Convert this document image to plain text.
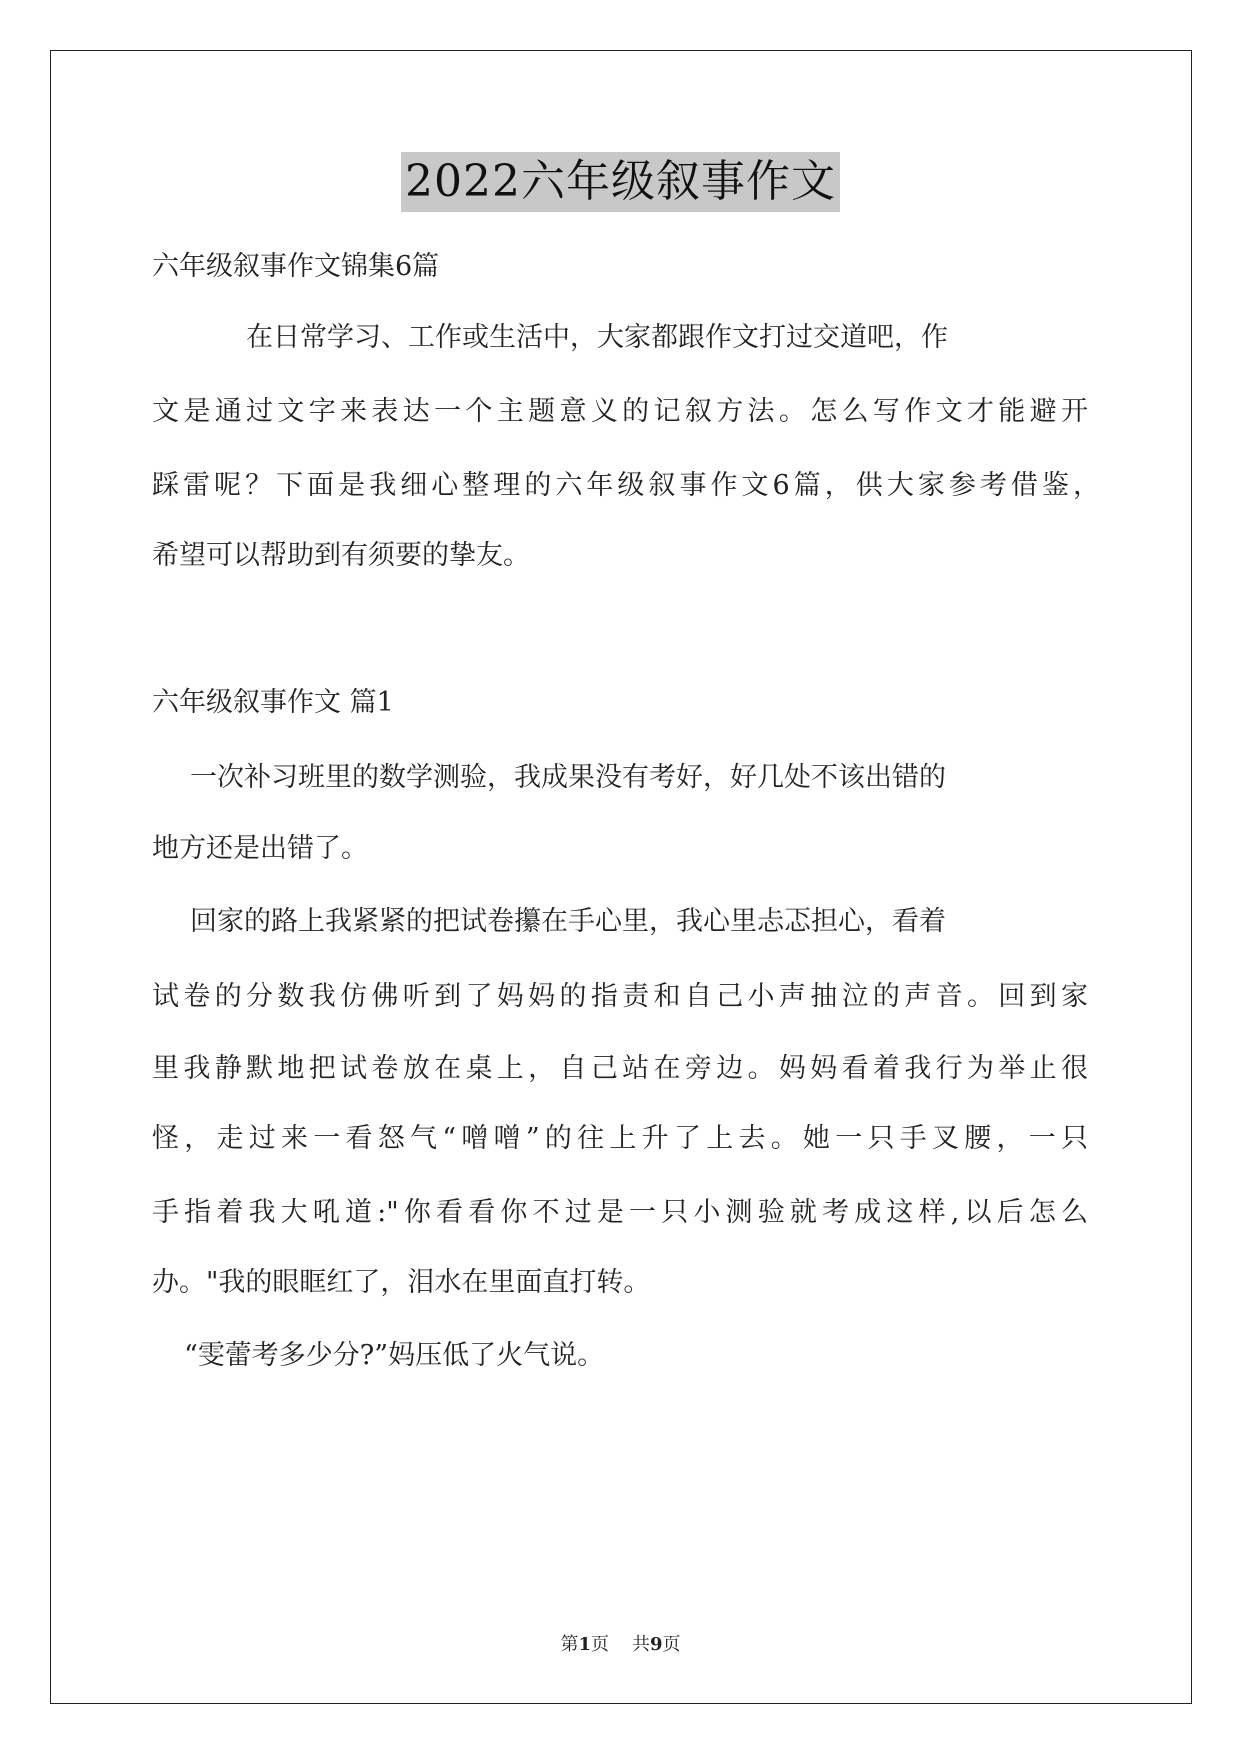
2022六年级叙事作文
六年级叙事作文锦集6篇
在日常学习、工作或生活中，大家都跟作文打过交道吧，作
文是通过文字来表达一个主题意义的记叙方法。怎么写作文才能避开
踩雷呢？下面是我细心整理的六年级叙事作文6篇，供大家参考借鉴，
希望可以帮助到有须要的挚友。
六年级叙事作文 篇1
一次补习班里的数学测验，我成果没有考好，好几处不该出错的
地方还是出错了。
回家的路上我紧紧的把试卷攥在手心里，我心里忐忑担心，看着
试卷的分数我仿佛听到了妈妈的指责和自己小声抽泣的声音。回到家
里我静默地把试卷放在桌上，自己站在旁边。妈妈看着我行为举止很
怪，走过来一看怒气“噌噌”的往上升了上去。她一只手叉腰，一只
手指着我大吼道:"你看看你不过是一只小测验就考成这样,以后怎么
办。"我的眼眶红了，泪水在里面直打转。
“雯蕾考多少分?”妈压低了火气说。
第1页 共9页
